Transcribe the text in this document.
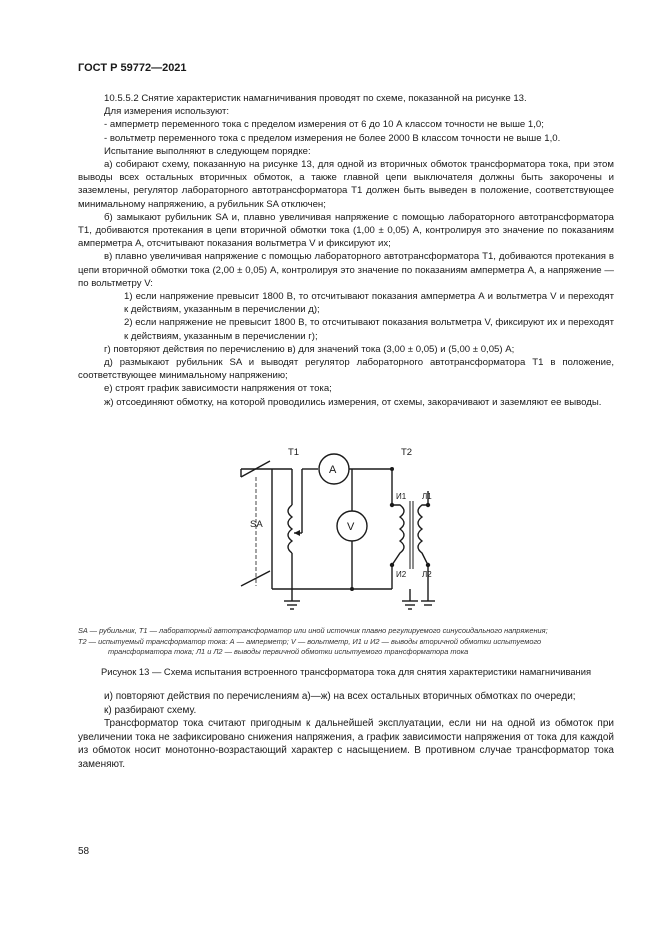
ГОСТ Р 59772—2021

10.5.5.2 Снятие характеристик намагничивания проводят по схеме, показанной на рисунке 13.

Для измерения используют:

- амперметр переменного тока с пределом измерения от 6 до 10 А классом точности не выше 1,0;

- вольтметр переменного тока с пределом измерения не более 2000 В классом точности не выше 1,0.

Испытание выполняют в следующем порядке:

а) собирают схему, показанную на рисунке 13, для одной из вторичных обмоток трансформатора тока, при этом выводы всех остальных вторичных обмоток, а также главной цепи выключателя должны быть закорочены и заземлены, регулятор лабораторного автотрансформатора Т1 должен быть выведен в положение, соответствующее минимальному напряжению, а рубильник SA отключен;

б) замыкают рубильник SA и, плавно увеличивая напряжение с помощью лабораторного автотрансформатора Т1, добиваются протекания в цепи вторичной обмотки тока (1,00 ± 0,05) А, контролируя это значение по показаниям амперметра А, отсчитывают показания вольтметра V и фиксируют их;

в) плавно увеличивая напряжение с помощью лабораторного автотрансформатора Т1, добиваются протекания в цепи вторичной обмотки тока (2,00 ± 0,05) А, контролируя это значение по показаниям амперметра А, а напряжение — по вольтметру V:

1) если напряжение превысит 1800 В, то отсчитывают показания амперметра А и вольтметра V и переходят к действиям, указанным в перечислении д);

2) если напряжение не превысит 1800 В, то отсчитывают показания вольтметра V, фиксируют их и переходят к действиям, указанным в перечислении г);

г) повторяют действия по перечислению в) для значений тока (3,00 ± 0,05) и (5,00 ± 0,05) А;

д) размыкают рубильник SA и выводят регулятор лабораторного автотрансформатора Т1 в положение, соответствующее минимальному напряжению;

е) строят график зависимости напряжения от тока;

ж) отсоединяют обмотку, на которой проводились измерения, от схемы, закорачивают и заземляют ее выводы.

Т1	Т2
SA
A
V
И1 Л1
И2 Л2

SA — рубильник, Т1 — лабораторный автотрансформатор или иной источник плавно регулируемого синусоидального напряжения;

Т2 — испытуемый трансформатор тока: А — амперметр; V — вольтметр, И1 и И2 — выводы вторичной обмотки испытуемого

трансформатора тока; Л1 и Л2 — выводы первичной обмотки испытуемого трансформатора тока

Рисунок 13 — Схема испытания встроенного трансформатора тока для снятия характеристики намагничивания

и) повторяют действия по перечислениям а)—ж) на всех остальных вторичных обмотках по очереди;

к) разбирают схему.

Трансформатор тока считают пригодным к дальнейшей эксплуатации, если ни на одной из обмоток при увеличении тока не зафиксировано снижения напряжения, а график зависимости напряжения от тока для каждой из обмоток носит монотонно-возрастающий характер с насыщением. В противном случае трансформатор тока заменяют.

58
